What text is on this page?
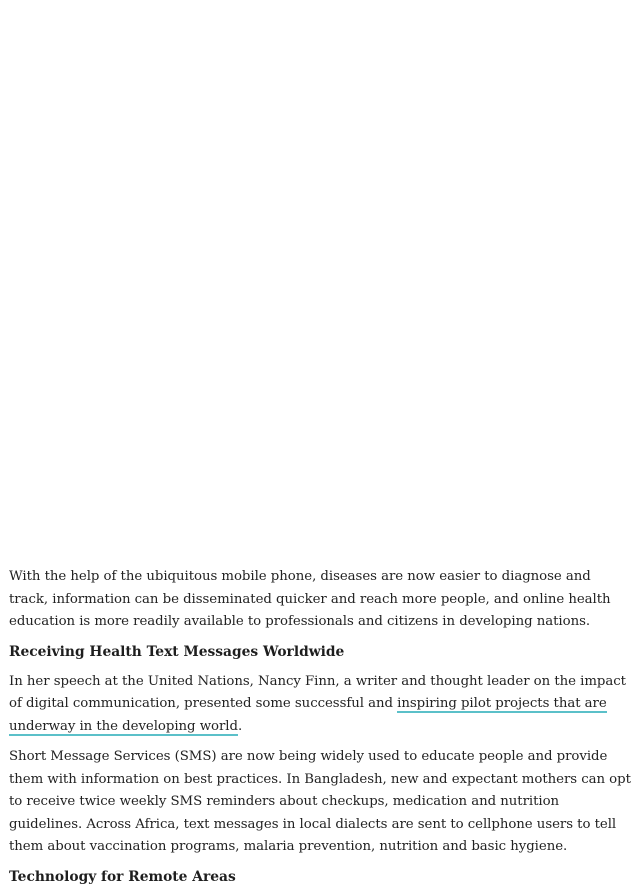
With the help of the ubiquitous mobile phone, diseases are now easier to diagnose and track, information can be disseminated quicker and reach more people, and online health education is more readily available to professionals and citizens in developing nations.

Receiving Health Text Messages Worldwide

In her speech at the United Nations, Nancy Finn, a writer and thought leader on the impact of digital communication, presented some successful and inspiring pilot projects that are underway in the developing world.

Short Message Services (SMS) are now being widely used to educate people and provide them with information on best practices. In Bangladesh, new and expectant mothers can opt to receive twice weekly SMS reminders about checkups, medication and nutrition guidelines. Across Africa, text messages in local dialects are sent to cellphone users to tell them about vaccination programs, malaria prevention, nutrition and basic hygiene.

Technology for Remote Areas
